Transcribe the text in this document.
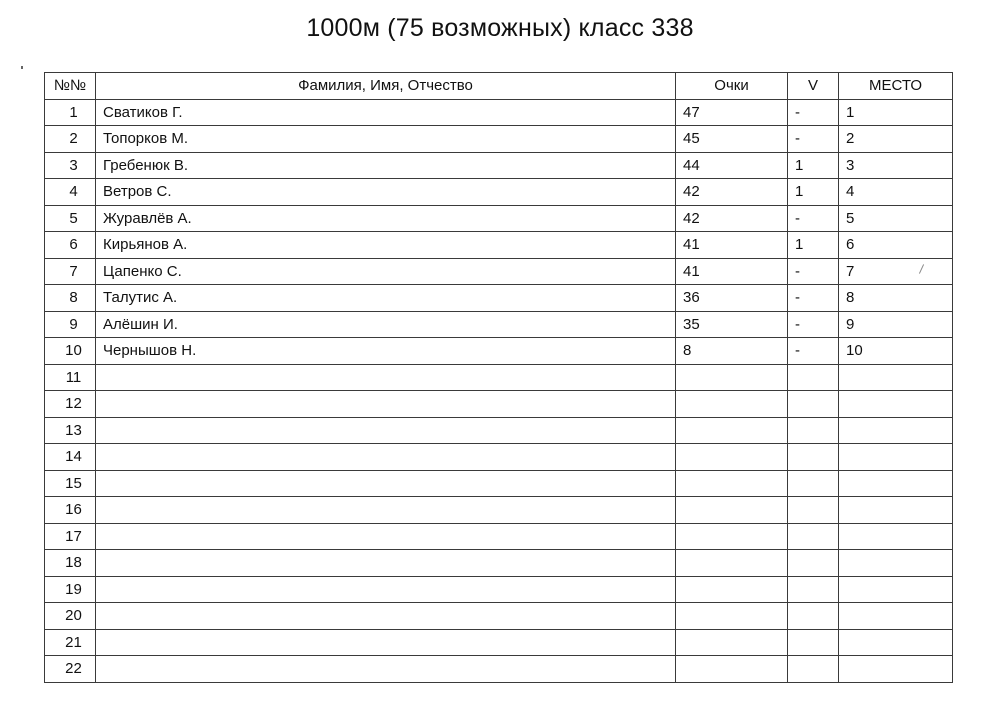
1000м (75 возможных) класс 338
№№	Фамилия, Имя, Отчество	Очки	V	МЕСТО
1	Сватиков Г.	47	-	1
2	Топорков М.	45	-	2
3	Гребенюк В.	44	1	3
4	Ветров С.	42	1	4
5	Журавлёв А.	42	-	5
6	Кирьянов А.	41	1	6
7	Цапенко С.	41	-	7
8	Талутис А.	36	-	8
9	Алёшин И.	35	-	9
10	Чернышов Н.	8	-	10
11				
12				
13				
14				
15				
16				
17				
18				
19				
20				
21				
22				
